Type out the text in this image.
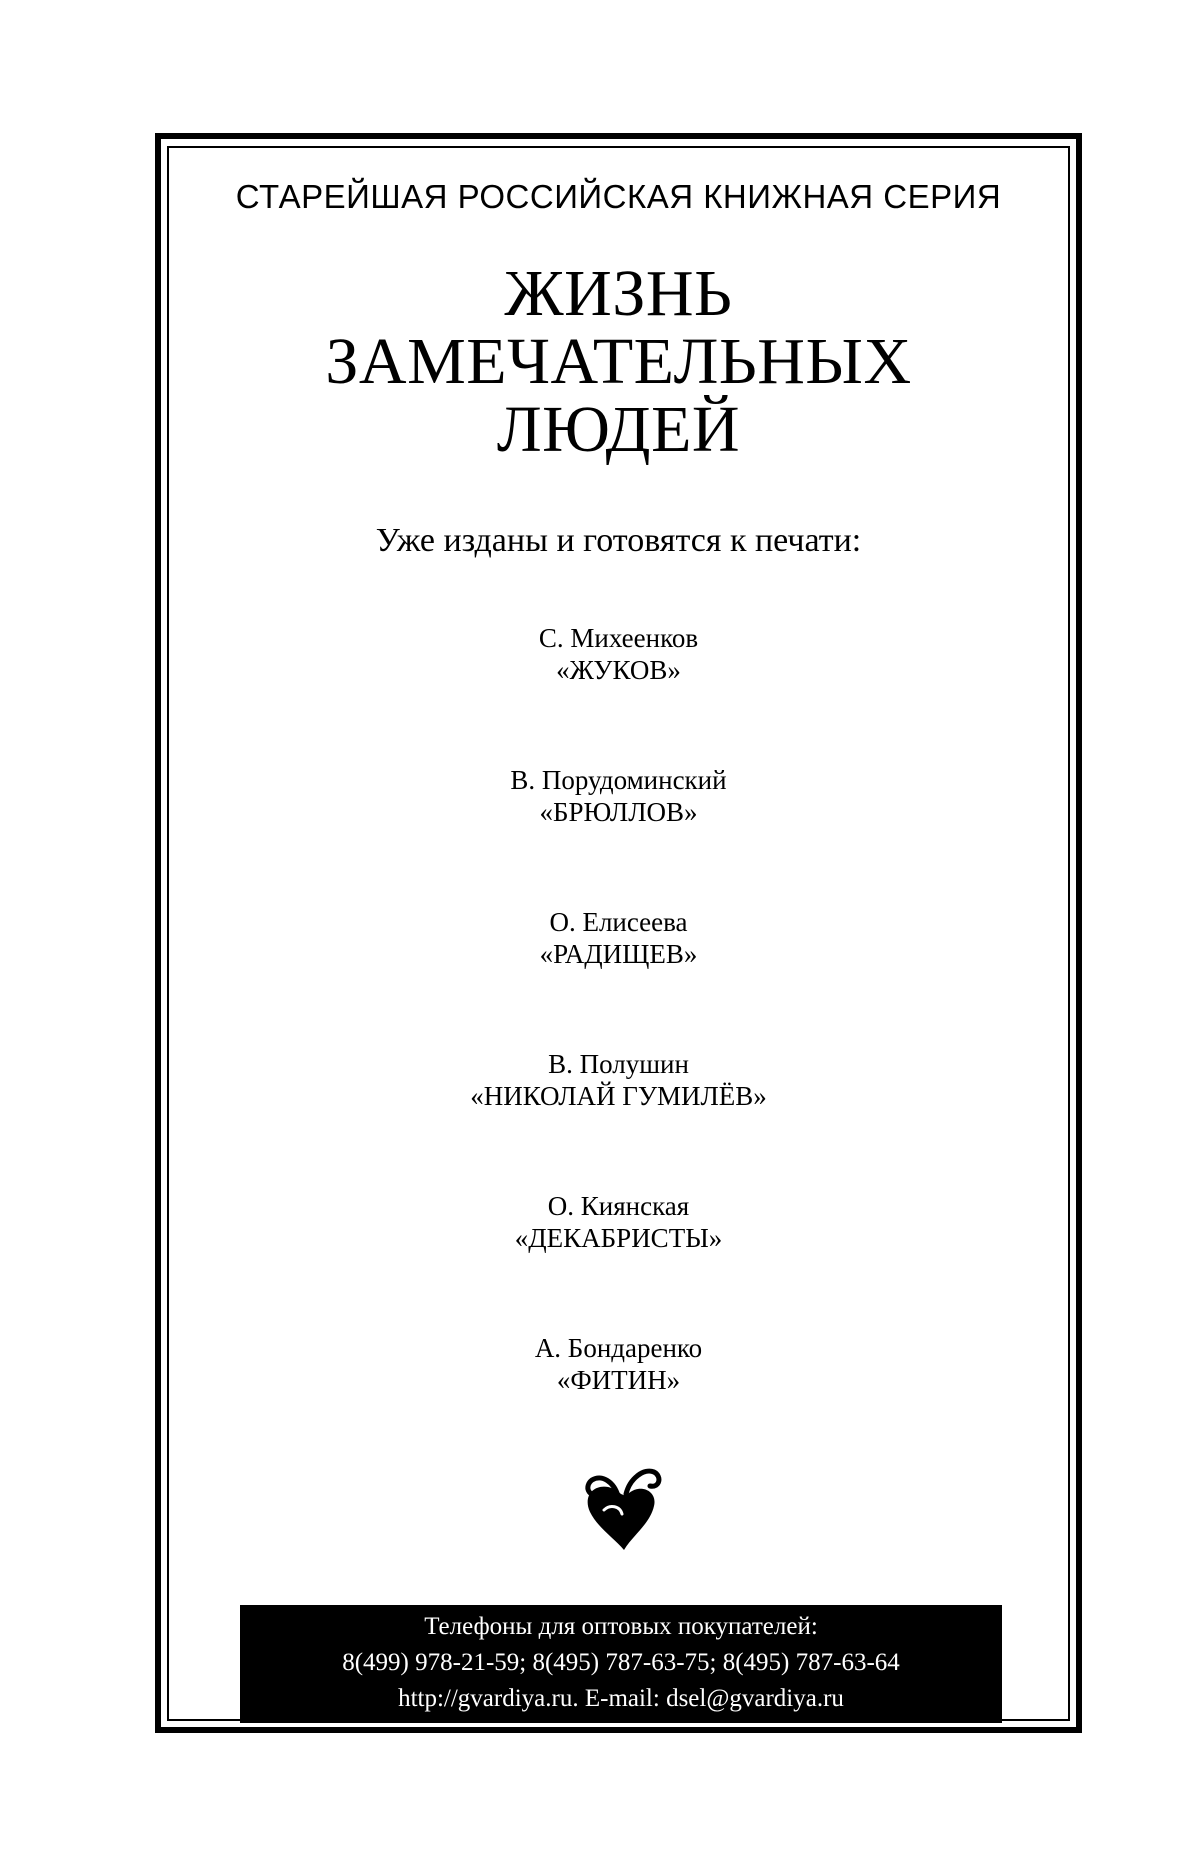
СТАРЕЙШАЯ РОССИЙСКАЯ КНИЖНАЯ СЕРИЯ
ЖИЗНЬ
ЗАМЕЧАТЕЛЬНЫХ
ЛЮДЕЙ
Уже изданы и готовятся к печати:
С. Михеенков
«ЖУКОВ»
В. Порудоминский
«БРЮЛЛОВ»
О. Елисеева
«РАДИЩЕВ»
В. Полушин
«НИКОЛАЙ ГУМИЛЁВ»
О. Киянская
«ДЕКАБРИСТЫ»
А. Бондаренко
«ФИТИН»
Телефоны для оптовых покупателей:
8(499) 978-21-59; 8(495) 787-63-75; 8(495) 787-63-64
http://gvardiya.ru. E-mail: dsel@gvardiya.ru
